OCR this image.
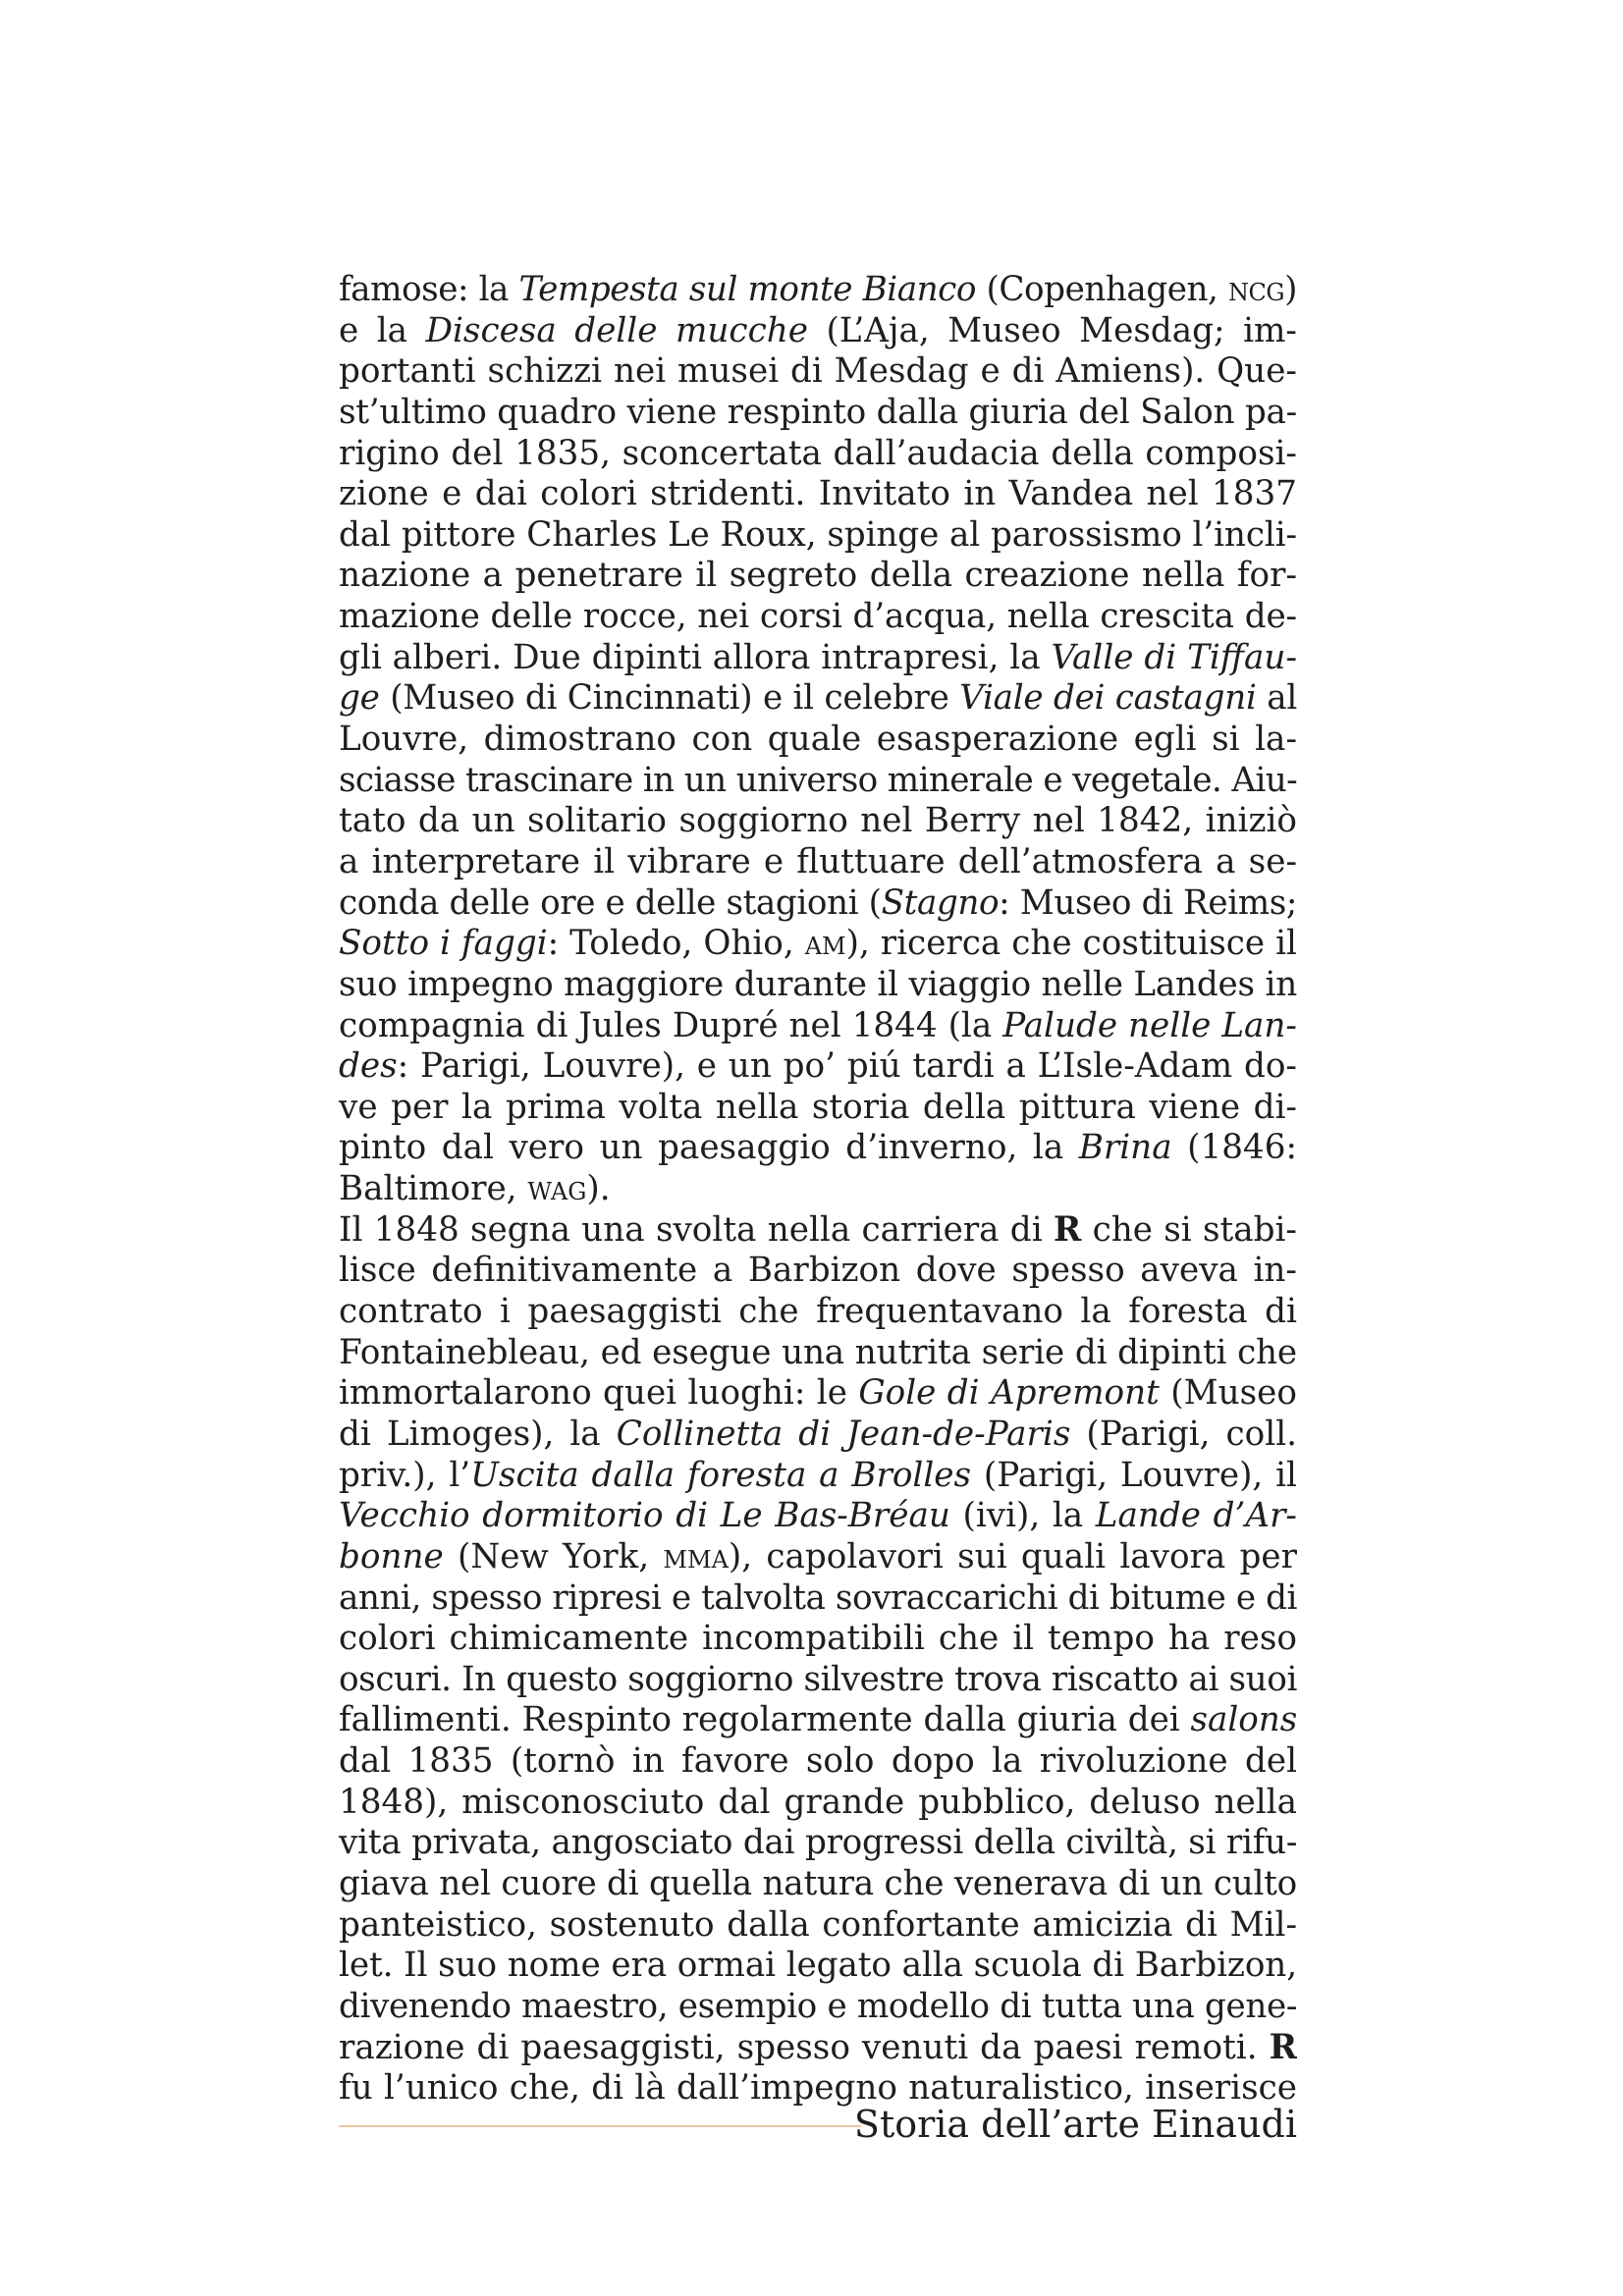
famose: la Tempesta sul monte Bianco (Copenhagen, ncg)
e la Discesa delle mucche (L’Aja, Museo Mesdag; im-
portanti schizzi nei musei di Mesdag e di Amiens). Que-
st’ultimo quadro viene respinto dalla giuria del Salon pa-
rigino del 1835, sconcertata dall’audacia della composi-
zione e dai colori stridenti. Invitato in Vandea nel 1837
dal pittore Charles Le Roux, spinge al parossismo l’incli-
nazione a penetrare il segreto della creazione nella for-
mazione delle rocce, nei corsi d’acqua, nella crescita de-
gli alberi. Due dipinti allora intrapresi, la Valle di Tiffau-
ge (Museo di Cincinnati) e il celebre Viale dei castagni al
Louvre, dimostrano con quale esasperazione egli si la-
sciasse trascinare in un universo minerale e vegetale. Aiu-
tato da un solitario soggiorno nel Berry nel 1842, iniziò
a interpretare il vibrare e fluttuare dell’atmosfera a se-
conda delle ore e delle stagioni (Stagno: Museo di Reims;
Sotto i faggi: Toledo, Ohio, am), ricerca che costituisce il
suo impegno maggiore durante il viaggio nelle Landes in
compagnia di Jules Dupré nel 1844 (la Palude nelle Lan-
des: Parigi, Louvre), e un po’ piú tardi a L’Isle-Adam do-
ve per la prima volta nella storia della pittura viene di-
pinto dal vero un paesaggio d’inverno, la Brina (1846:
Baltimore, wag).
Il 1848 segna una svolta nella carriera di R che si stabi-
lisce definitivamente a Barbizon dove spesso aveva in-
contrato i paesaggisti che frequentavano la foresta di
Fontainebleau, ed esegue una nutrita serie di dipinti che
immortalarono quei luoghi: le Gole di Apremont (Museo
di Limoges), la Collinetta di Jean-de-Paris (Parigi, coll.
priv.), l’Uscita dalla foresta a Brolles (Parigi, Louvre), il
Vecchio dormitorio di Le Bas-Bréau (ivi), la Lande d’Ar-
bonne (New York, mma), capolavori sui quali lavora per
anni, spesso ripresi e talvolta sovraccarichi di bitume e di
colori chimicamente incompatibili che il tempo ha reso
oscuri. In questo soggiorno silvestre trova riscatto ai suoi
fallimenti. Respinto regolarmente dalla giuria dei salons
dal 1835 (tornò in favore solo dopo la rivoluzione del
1848), misconosciuto dal grande pubblico, deluso nella
vita privata, angosciato dai progressi della civiltà, si rifu-
giava nel cuore di quella natura che venerava di un culto
panteistico, sostenuto dalla confortante amicizia di Mil-
let. Il suo nome era ormai legato alla scuola di Barbizon,
divenendo maestro, esempio e modello di tutta una gene-
razione di paesaggisti, spesso venuti da paesi remoti. R
fu l’unico che, di là dall’impegno naturalistico, inserisce
Storia dell’arte Einaudi
